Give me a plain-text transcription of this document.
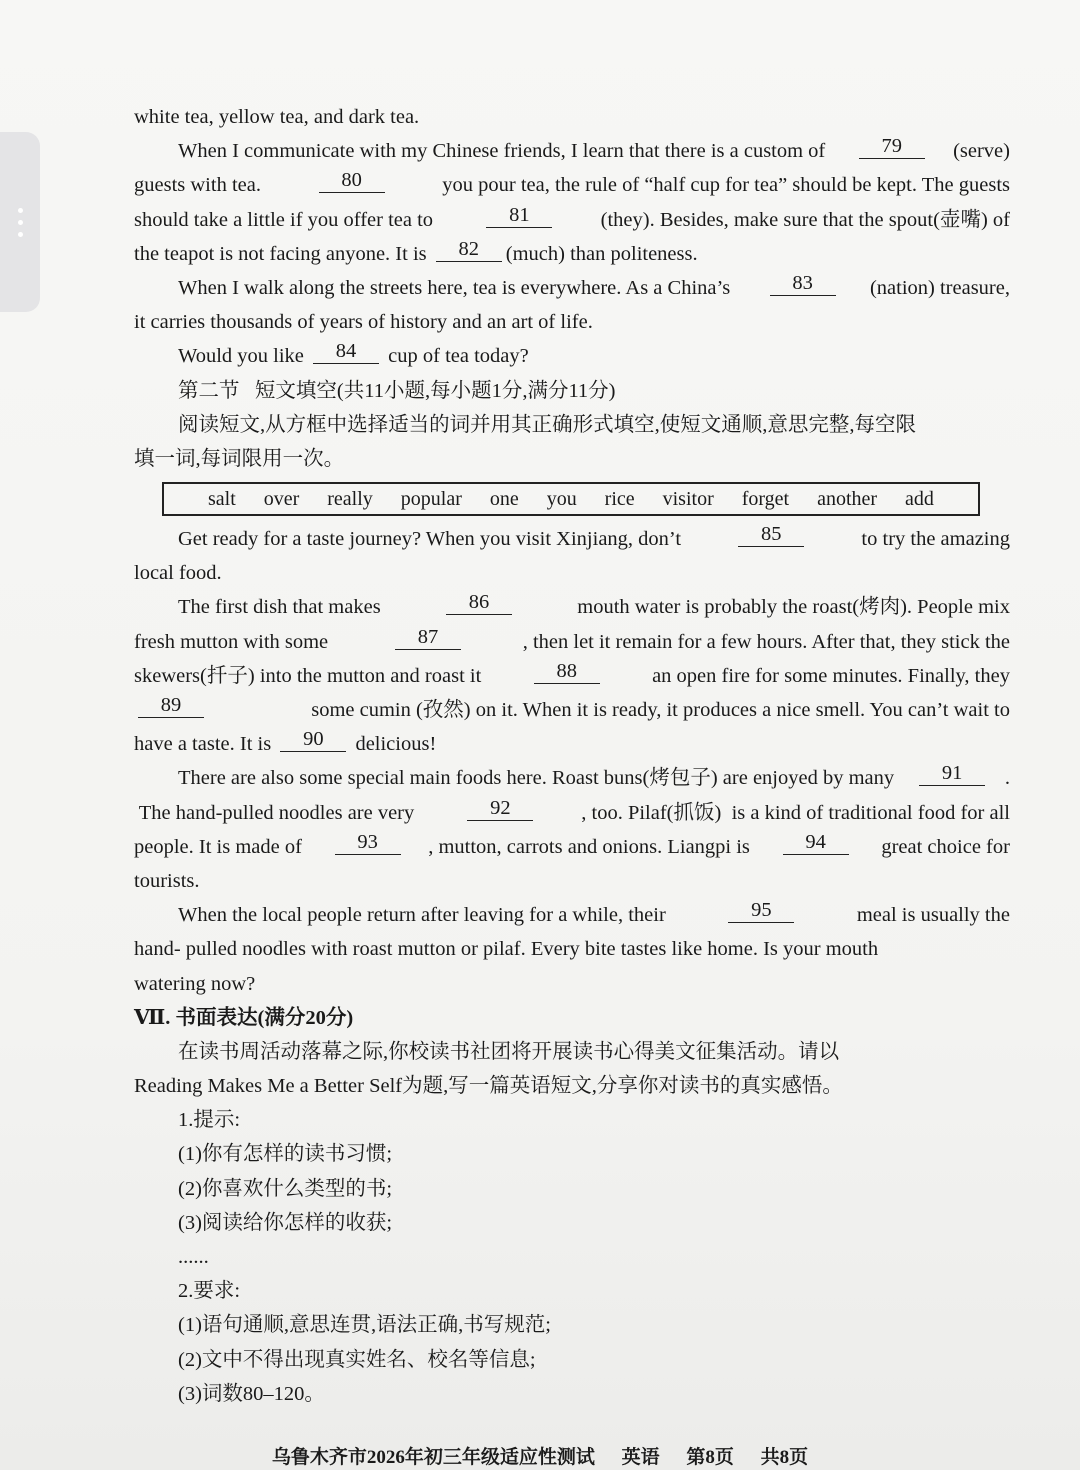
white tea, yellow tea, and dark tea.
When I communicate with my Chinese friends, I learn that there is a custom of	79	(serve)
guests with tea.	80	you pour tea, the rule of “half cup for tea” should be kept. The guests
should take a little if you offer tea to	81	(they). Besides, make sure that the spout(壶嘴) of
the teapot is not facing anyone. It is	82	(much) than politeness.
When I walk along the streets here, tea is everywhere. As a China’s	83	(nation) treasure,
it carries thousands of years of history and an art of life.
Would you like	84	cup of tea today?
第二节   短文填空(共11小题,每小题1分,满分11分)
阅读短文,从方框中选择适当的词并用其正确形式填空,使短文通顺,意思完整,每空限
填一词,每词限用一次。
salt over really popular one you rice visitor forget another add
Get ready for a taste journey? When you visit Xinjiang, don’t	85	to try the amazing
local food.
The first dish that makes	86	mouth water is probably the roast(烤肉). People mix
fresh mutton with some	87	, then let it remain for a few hours. After that, they stick the
skewers(扦子) into the mutton and roast it	88	an open fire for some minutes. Finally, they
89	some cumin (孜然) on it. When it is ready, it produces a nice smell. You can’t wait to
have a taste. It is	90	delicious!
There are also some special main foods here. Roast buns(烤包子) are enjoyed by many	91	.
The hand-pulled noodles are very	92	, too. Pilaf(抓饭)  is a kind of traditional food for all
people. It is made of	93	, mutton, carrots and onions. Liangpi is	94	great choice for
tourists.
When the local people return after leaving for a while, their	95	meal is usually the
hand- pulled noodles with roast mutton or pilaf. Every bite tastes like home. Is your mouth
watering now?
Ⅶ. 书面表达(满分20分)
在读书周活动落幕之际,你校读书社团将开展读书心得美文征集活动。请以
Reading Makes Me a Better Self为题,写一篇英语短文,分享你对读书的真实感悟。
1.提示:
(1)你有怎样的读书习惯;
(2)你喜欢什么类型的书;
(3)阅读给你怎样的收获;
......
2.要求:
(1)语句通顺,意思连贯,语法正确,书写规范;
(2)文中不得出现真实姓名、校名等信息;
(3)词数80–120。
乌鲁木齐市2026年初三年级适应性测试 英语 第8页 共8页
